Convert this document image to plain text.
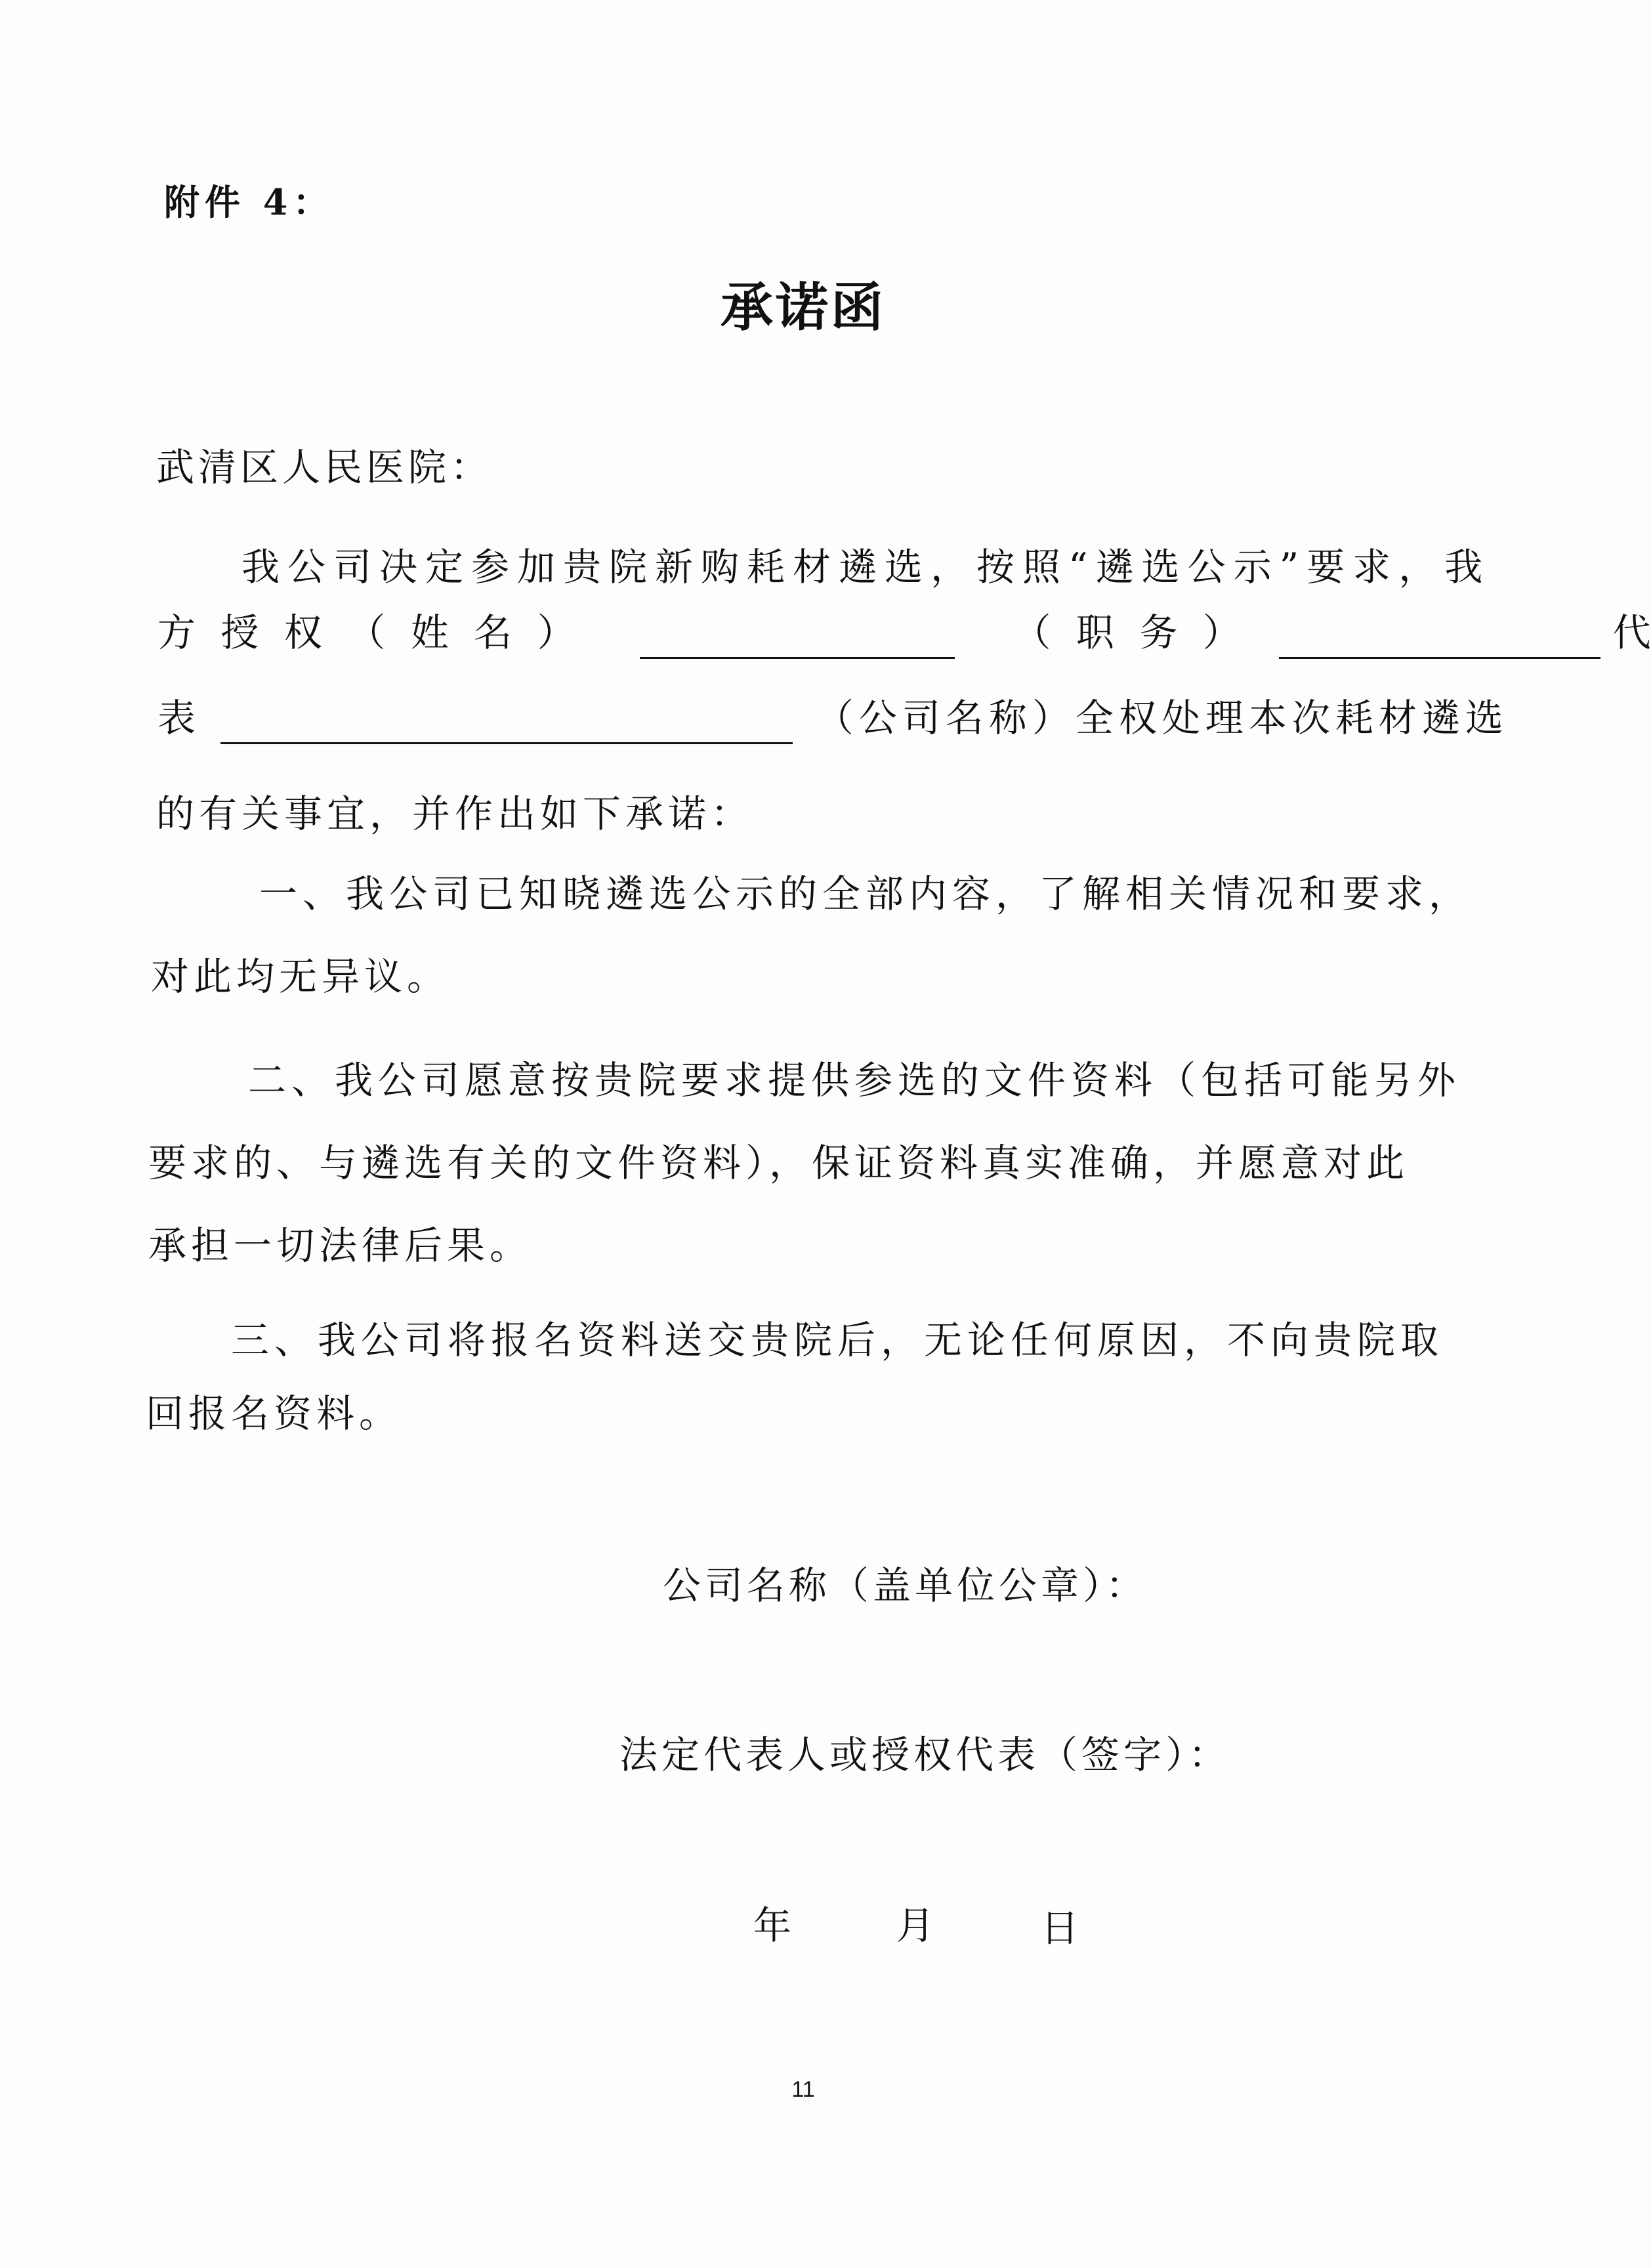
附件 4：
承诺函
武清区人民医院：
我公司决定参加贵院新购耗材遴选，按照“遴选公示”要求，我
方 授 权 （ 姓 名 ）	（ 职 务 ）	代
表	（公司名称）全权处理本次耗材遴选
的有关事宜，并作出如下承诺：
一、我公司已知晓遴选公示的全部内容，了解相关情况和要求，
对此均无异议。
二、我公司愿意按贵院要求提供参选的文件资料（包括可能另外
要求的、与遴选有关的文件资料），保证资料真实准确，并愿意对此
承担一切法律后果。
三、我公司将报名资料送交贵院后，无论任何原因，不向贵院取
回报名资料。
公司名称（盖单位公章）：
法定代表人或授权代表（签字）：
年	月	日
11
